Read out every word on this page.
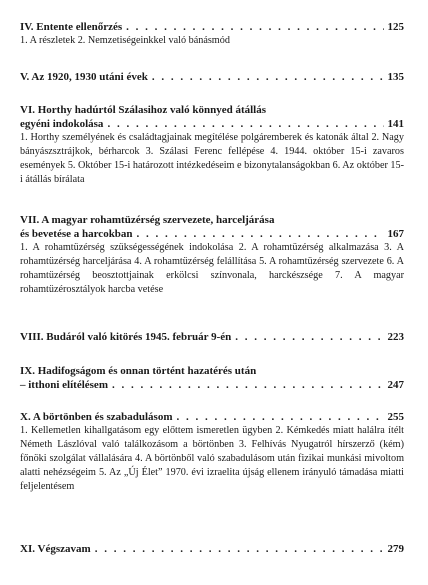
IV. Entente ellenőrzés . . .	125
1. A részletek 2. Nemzetiségeinkkel való bánásmód
V. Az 1920, 1930 utáni évek . . .	135
VI. Horthy hadúrtól Szálasihoz való könnyed átállás
egyéni indokolása . . .	141
1. Horthy személyének és családtagjainak megítélése polgáremberek és katonák által 2. Nagy bányászsztrájkok, bérharcok 3. Szálasi Ferenc fellépése 4. 1944. október 15-i zavaros események 5. Október 15-i határozott intézkedéseim e bizonytalanságokban 6. Az október 15-i átállás bírálata
VII. A magyar rohamtüzérség szervezete, harceljárása
és bevetése a harcokban . . .	167
1. A rohamtüzérség szükségességének indokolása 2. A rohamtüzérség alkalmazása 3. A rohamtüzérség harceljárása 4. A rohamtüzérség felállítása 5. A rohamtüzérség szervezete 6. A rohamtüzérség beosztottjainak erkölcsi színvonala, harckészsége 7. A magyar rohamtüzérosztályok harcba vetése
VIII. Budáról való kitörés 1945. február 9-én . . .	223
IX. Hadifogságom és onnan történt hazatérés után
– itthoni elítélésem . . .	247
X. A börtönben és szabadulásom . . .	255
1. Kellemetlen kihallgatásom egy előttem ismeretlen ügyben 2. Kémkedés miatt halálra ítélt Németh Lászlóval való találkozásom a börtönben 3. Felhívás Nyugatról hírszerző (kém) főnöki szolgálat vállalására 4. A börtönből való szabadulásom után fizikai munkási mivoltom alatti nehézségeim 5. Az „Új Élet” 1970. évi izraelita újság ellenem irányuló támadása miatti feljelentésem
XI. Végszavam . . .	279
